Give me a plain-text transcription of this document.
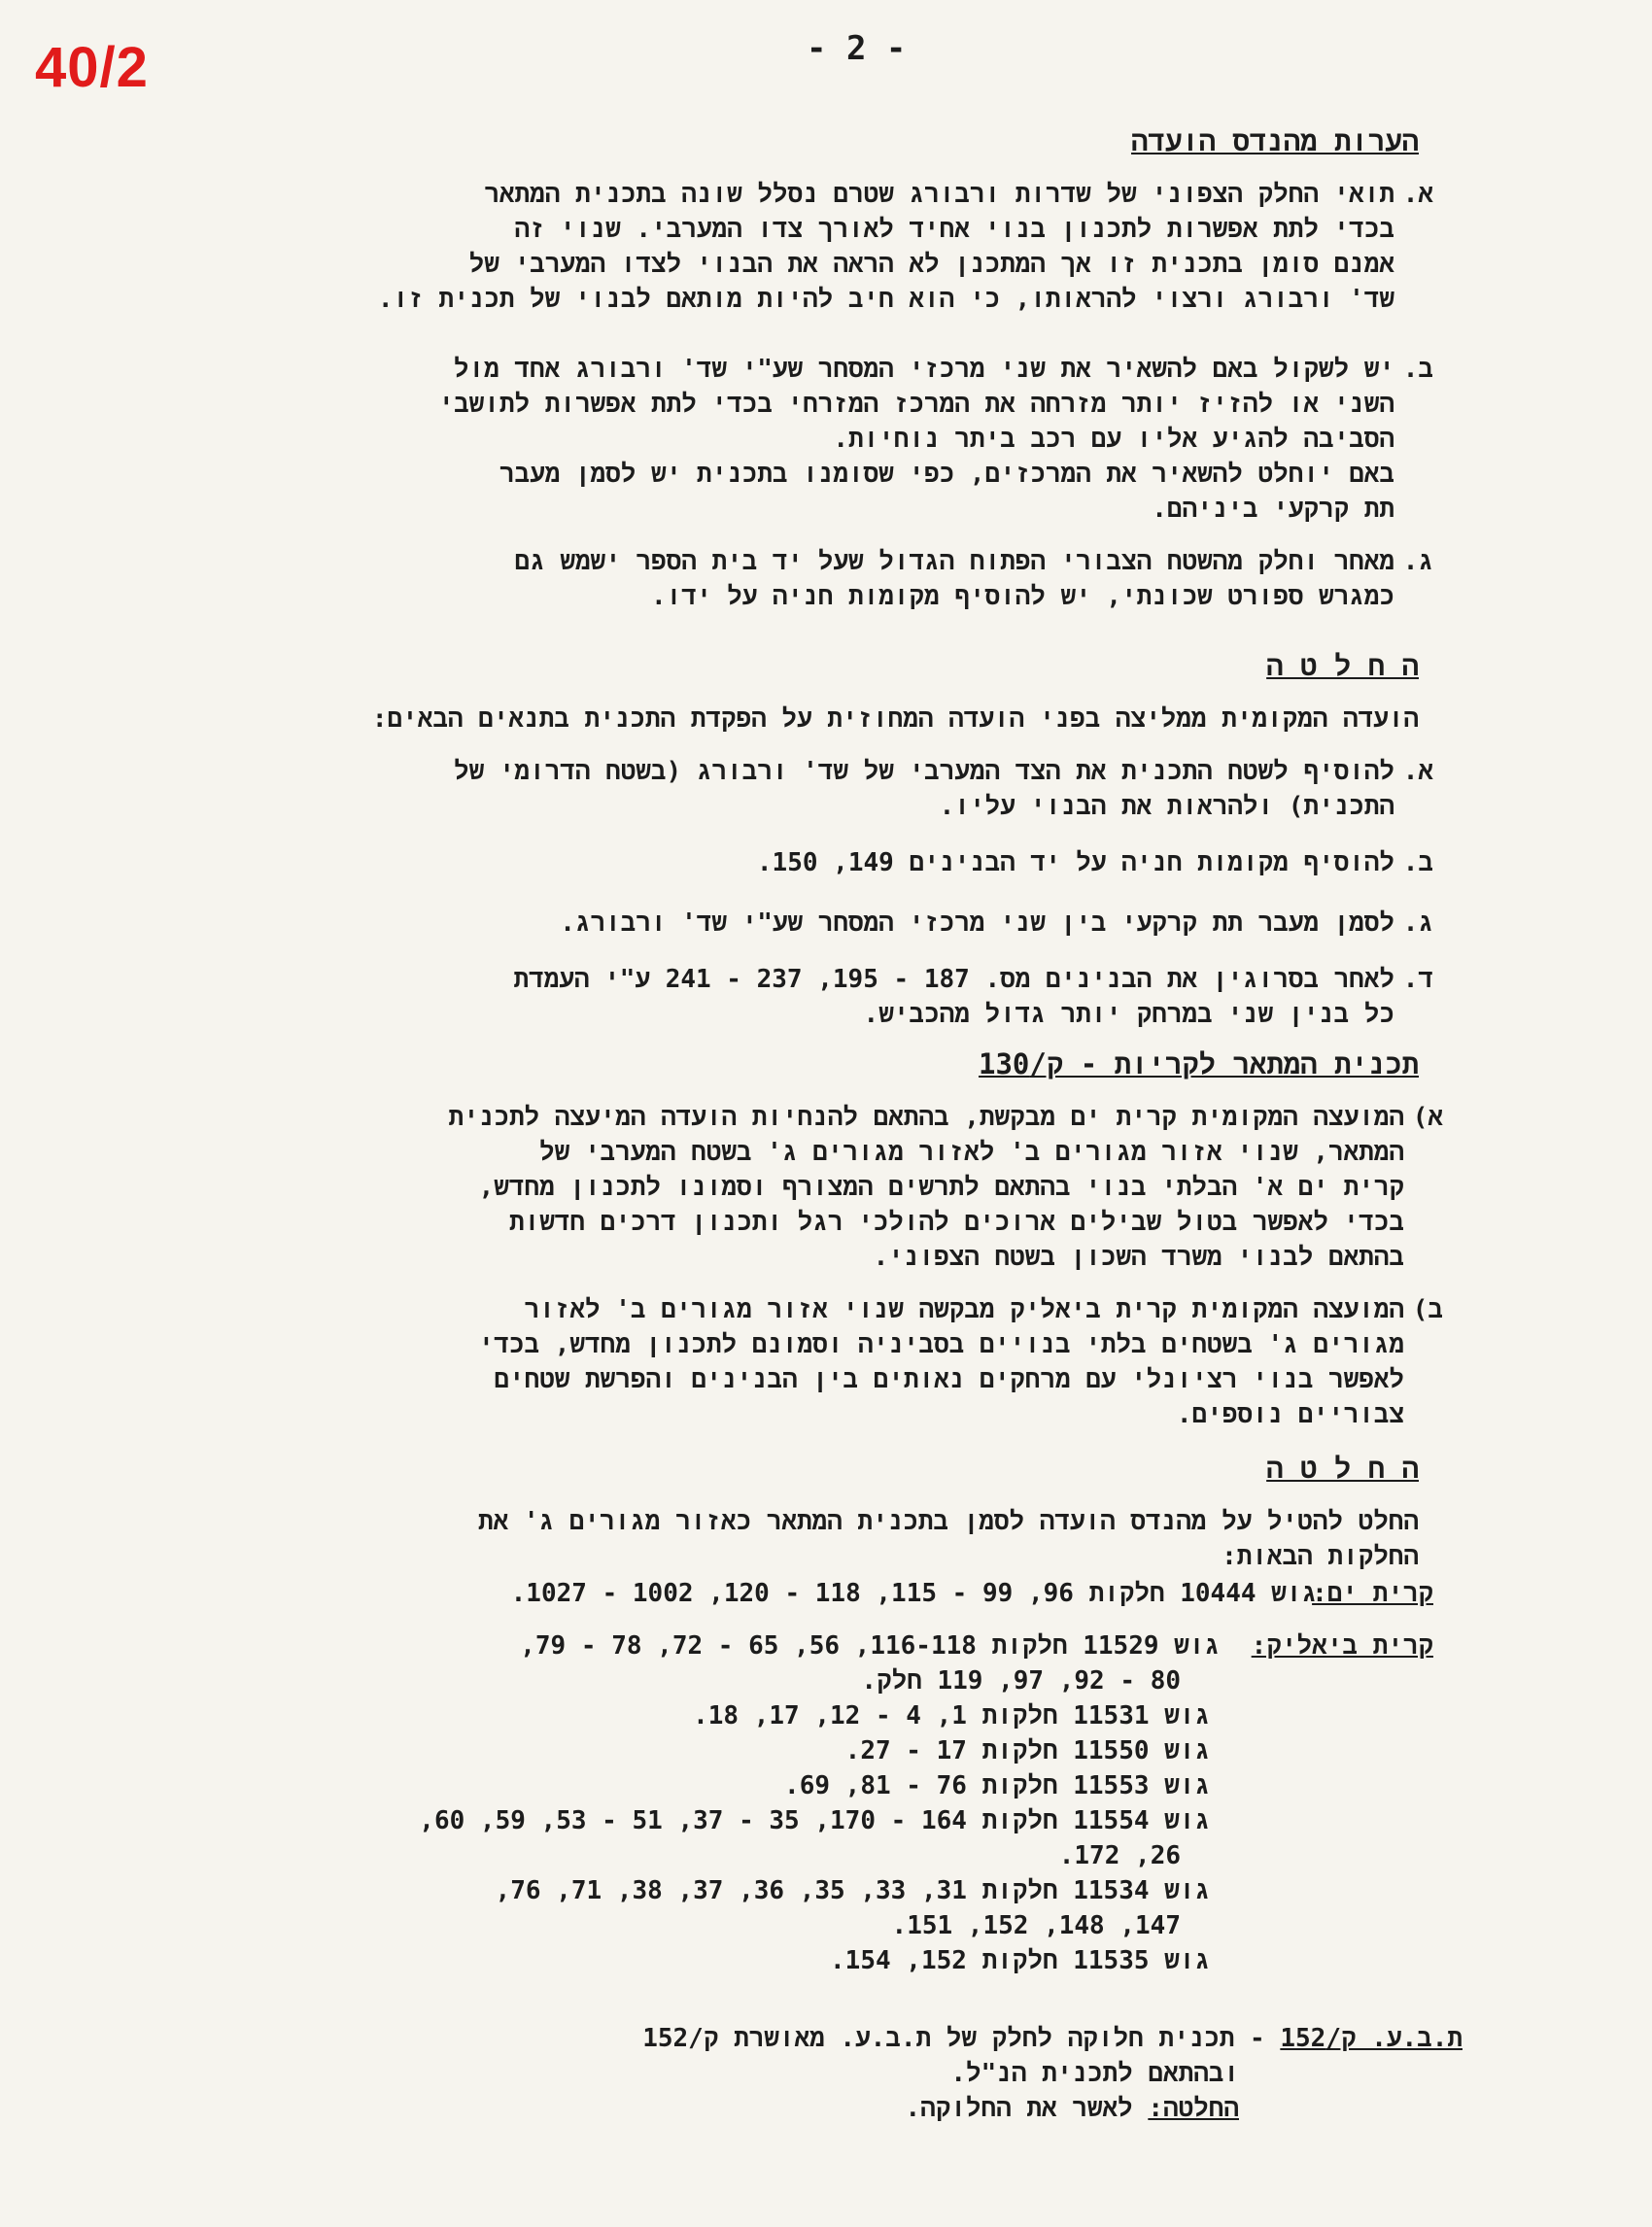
40/2	- 2 -
הערות מהנדס הועדה
א.תואי החלק הצפוני של שדרות ורבורג שטרם נסלל שונה בתכנית המתאר
בכדי לתת אפשרות לתכנון בנוי אחיד לאורך צדו המערבי. שנוי זה
אמנם סומן בתכנית זו אך המתכנן לא הראה את הבנוי לצדו המערבי של
שד' ורבורג ורצוי להראותו, כי הוא חיב להיות מותאם לבנוי של תכנית זו.
ב.יש לשקול באם להשאיר את שני מרכזי המסחר שע"י שד' ורבורג אחד מול
השני או להזיז יותר מזרחה את המרכז המזרחי בכדי לתת אפשרות לתושבי
הסביבה להגיע אליו עם רכב ביתר נוחיות.
באם יוחלט להשאיר את המרכזים, כפי שסומנו בתכנית יש לסמן מעבר
תת קרקעי ביניהם.
ג.מאחר וחלק מהשטח הצבורי הפתוח הגדול שעל יד בית הספר ישמש גם
כמגרש ספורט שכונתי, יש להוסיף מקומות חניה על ידו.
ה ח ל ט ה
הועדה המקומית ממליצה בפני הועדה המחוזית על הפקדת התכנית בתנאים הבאים:
א.להוסיף לשטח התכנית את הצד המערבי של שד' ורבורג (בשטח הדרומי של
התכנית) ולהראות את הבנוי עליו.
ב.להוסיף מקומות חניה על יד הבנינים 149, 150.
ג.לסמן מעבר תת קרקעי בין שני מרכזי המסחר שע"י שד' ורבורג.
ד.לאחר בסרוגין את הבנינים מס. 187 - 195, 237 - 241 ע"י העמדת
כל בנין שני במרחק יותר גדול מהכביש.
תכנית המתאר לקריות - ק/130
א)המועצה המקומית קרית ים מבקשת, בהתאם להנחיות הועדה המיעצה לתכנית
המתאר, שנוי אזור מגורים ב' לאזור מגורים ג' בשטח המערבי של
קרית ים א' הבלתי בנוי בהתאם לתרשים המצורף וסמונו לתכנון מחדש,
בכדי לאפשר בטול שבילים ארוכים להולכי רגל ותכנון דרכים חדשות
בהתאם לבנוי משרד השכון בשטח הצפוני.
ב)המועצה המקומית קרית ביאליק מבקשה שנוי אזור מגורים ב' לאזור
מגורים ג' בשטחים בלתי בנויים בסביניה וסמונם לתכנון מחדש, בכדי
לאפשר בנוי רציונלי עם מרחקים נאותים בין הבנינים והפרשת שטחים
צבוריים נוספים.
ה ח ל ט ה
החלט להטיל על מהנדס הועדה לסמן בתכנית המתאר כאזור מגורים ג' את
החלקות הבאות:
קרית ים:גוש 10444 חלקות 96, 99 - 115, 118 - 120, 1002 - 1027.
קרית ביאליק:גוש 11529 חלקות 116-118, 56, 65 - 72, 78 - 79,
80 - 92, 97, 119 חלק.
גוש 11531 חלקות 1, 4 - 12, 17, 18.
גוש 11550 חלקות 17 - 27.
גוש 11553 חלקות 76 - 81, 69.
גוש 11554 חלקות 164 - 170, 35 - 37, 51 - 53, 59, 60,
26, 172.
גוש 11534 חלקות 31, 33, 35, 36, 37, 38, 71, 76,
147, 148, 152, 151.
גוש 11535 חלקות 152, 154.
ת.ב.ע. ק/152 - תכנית חלוקה לחלק של ת.ב.ע. מאושרת ק/152
ובהתאם לתכנית הנ"ל.
החלטה: לאשר את החלוקה.
